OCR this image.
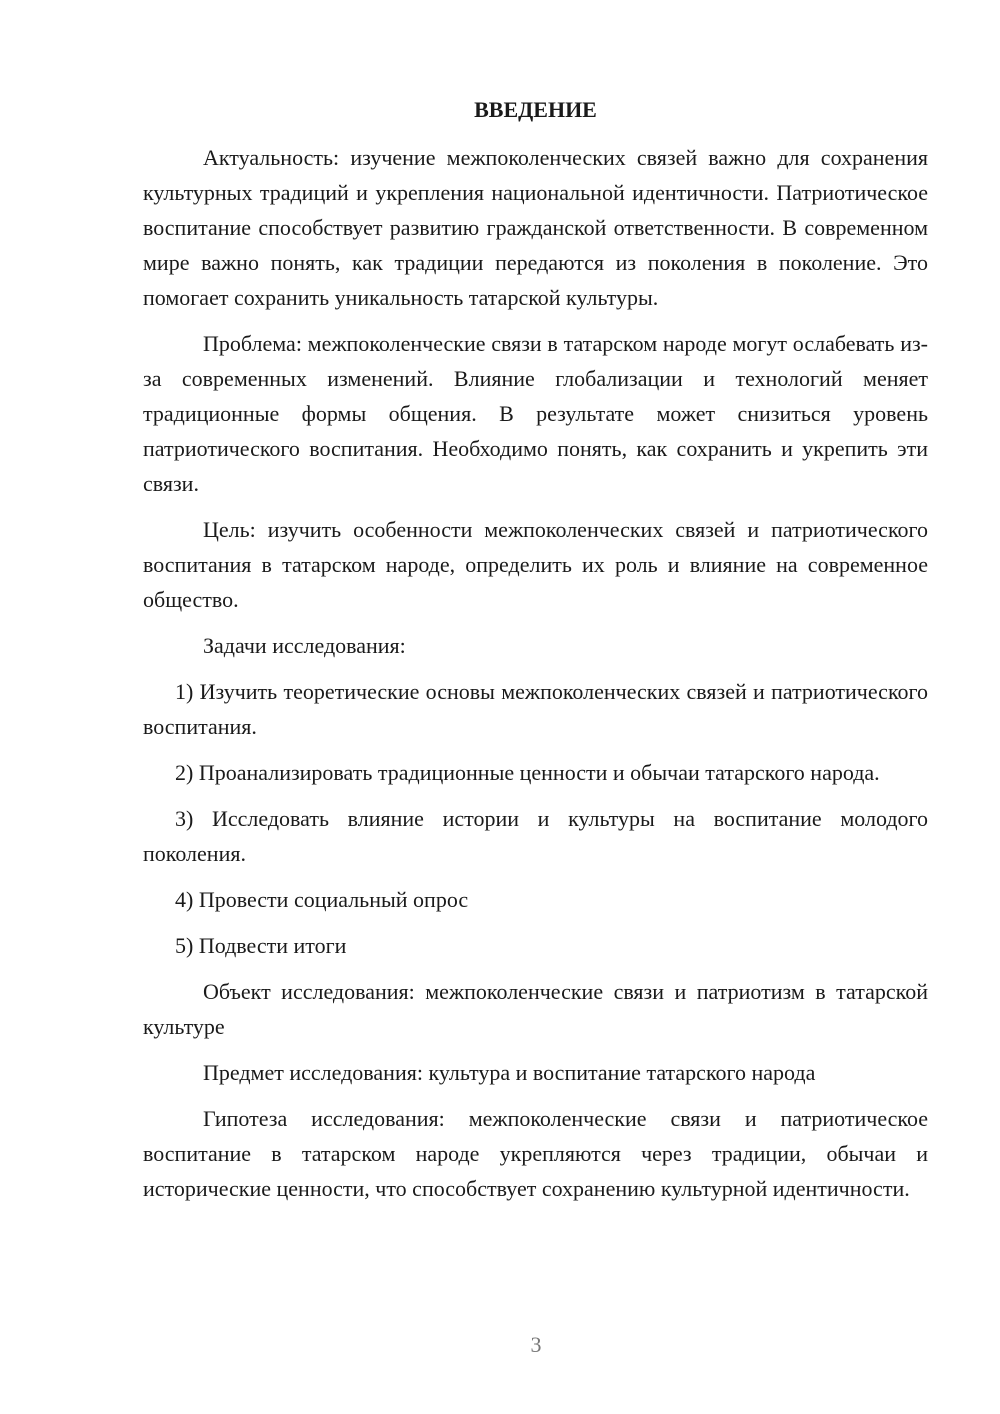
ВВЕДЕНИЕ

Актуальность: изучение межпоколенческих связей важно для сохранения культурных традиций и укрепления национальной идентичности. Патриотическое воспитание способствует развитию гражданской ответственности. В современном мире важно понять, как традиции передаются из поколения в поколение. Это помогает сохранить уникальность татарской культуры.

Проблема: межпоколенческие связи в татарском народе могут ослабевать из-за современных изменений. Влияние глобализации и технологий меняет традиционные формы общения. В результате может снизиться уровень патриотического воспитания. Необходимо понять, как сохранить и укрепить эти связи.

Цель: изучить особенности межпоколенческих связей и патриотического воспитания в татарском народе, определить их роль и влияние на современное общество.

Задачи исследования:

1) Изучить теоретические основы межпоколенческих связей и патриотического воспитания.

2) Проанализировать традиционные ценности и обычаи татарского народа.

3) Исследовать влияние истории и культуры на воспитание молодого поколения.

4) Провести социальный опрос

5) Подвести итоги

Объект исследования: межпоколенческие связи и патриотизм в татарской культуре

Предмет исследования: культура и воспитание татарского народа

Гипотеза исследования: межпоколенческие связи и патриотическое воспитание в татарском народе укрепляются через традиции, обычаи и исторические ценности, что способствует сохранению культурной идентичности.

3
